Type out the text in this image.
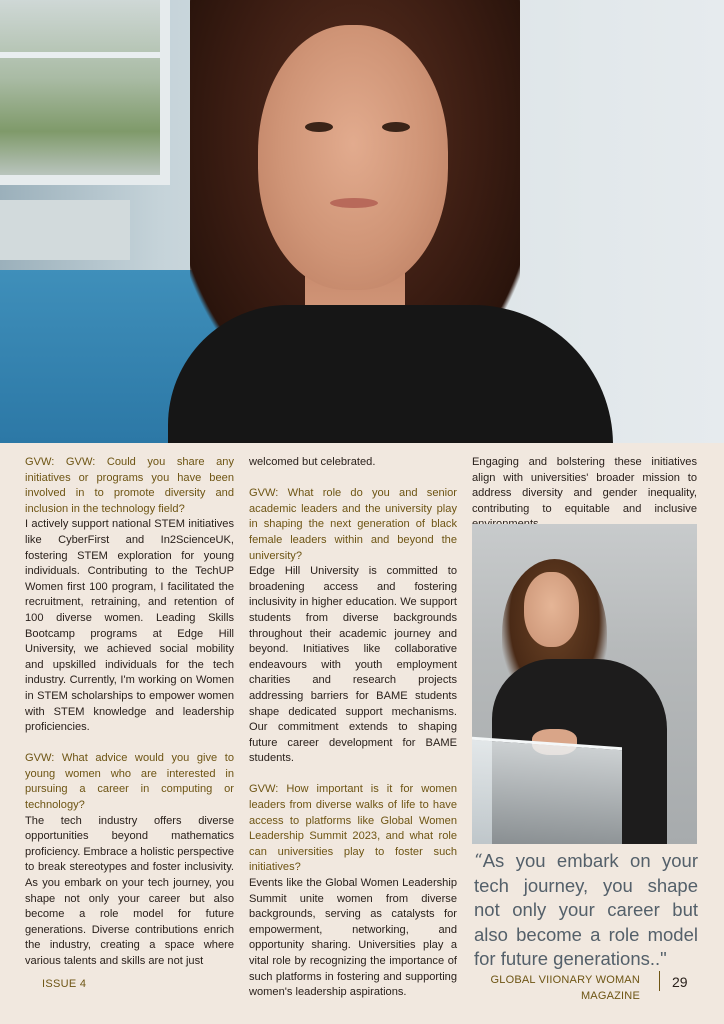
GVW: GVW: Could you share any initiatives or programs you have been involved in to promote diversity and inclusion in the technology field?

I actively support national STEM initiatives like CyberFirst and In2ScienceUK, fostering STEM exploration for young individuals. Contributing to the TechUP Women first 100 program, I facilitated the recruitment, retraining, and retention of 100 diverse women. Leading Skills Bootcamp programs at Edge Hill University, we achieved social mobility and upskilled individuals for the tech industry. Currently, I'm working on Women in STEM scholarships to empower women with STEM knowledge and leadership proficiencies.

GVW: What advice would you give to young women who are interested in pursuing a career in computing or technology?

The tech industry offers diverse opportunities beyond mathematics proficiency. Embrace a holistic perspective to break stereotypes and foster inclusivity. As you embark on your tech journey, you shape not only your career but also become a role model for future generations. Diverse contributions enrich the industry, creating a space where various talents and skills are not just

welcomed but celebrated.

GVW: What role do you and senior academic leaders and the university play in shaping the next generation of black female leaders within and beyond the university?

Edge Hill University is committed to broadening access and fostering inclusivity in higher education. We support students from diverse backgrounds throughout their academic journey and beyond. Initiatives like collaborative endeavours with youth employment charities and research projects addressing barriers for BAME students shape dedicated support mechanisms. Our commitment extends to shaping future career development for BAME students.

GVW: How important is it for women leaders from diverse walks of life to have access to platforms like Global Women Leadership Summit 2023, and what role can universities play to foster such initiatives?

Events like the Global Women Leadership Summit unite women from diverse backgrounds, serving as catalysts for empowerment, networking, and opportunity sharing. Universities play a vital role by recognizing the importance of such platforms in fostering and supporting women's leadership aspirations.

Engaging and bolstering these initiatives align with universities' broader mission to address diversity and gender inequality, contributing to equitable and inclusive

“As you embark on your tech journey, you shape not only your career but also become a role model for future generations.."
ISSUE 4	GLOBAL VIIONARY WOMAN MAGAZINE
29
